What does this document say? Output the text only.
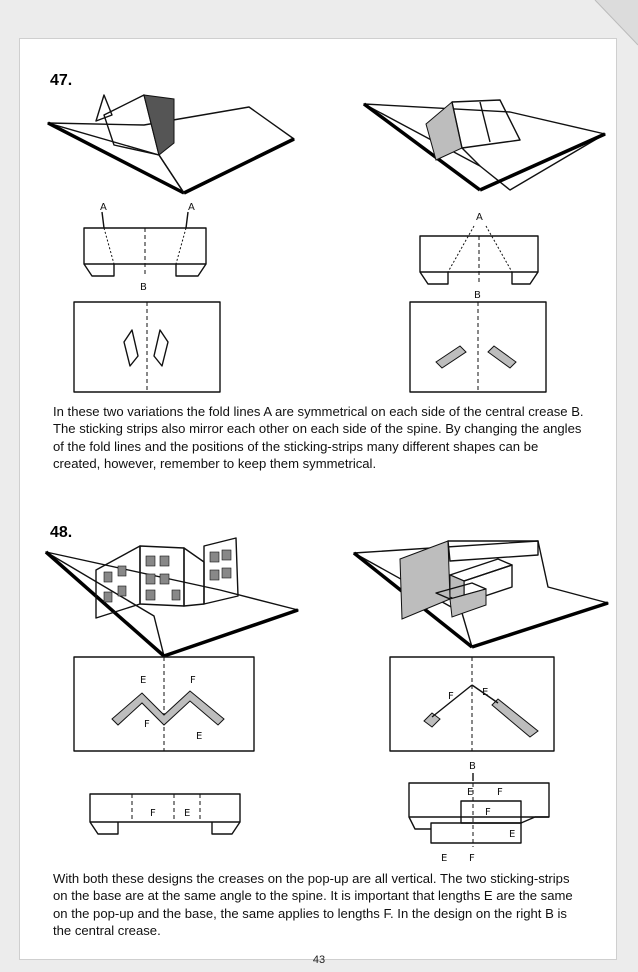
47.
A	A
B
A
B

In these two variations the fold lines A are symmetrical on each side of the central crease B. The sticking strips also mirror each other on each side of the spine. By changing the angles of the fold lines and the positions of the sticking-strips many different shapes can be created, however, remember to keep them symmetrical.

48.
E	F
F
E
F	E
F	E
B
E F
F
E
E F

With both these designs the creases on the pop-up are all vertical. The two sticking-strips on the base are at the same angle to the spine. It is important that lengths E are the same on the pop-up and the base, the same applies to lengths F. In the design on the right B is the central crease.

43
